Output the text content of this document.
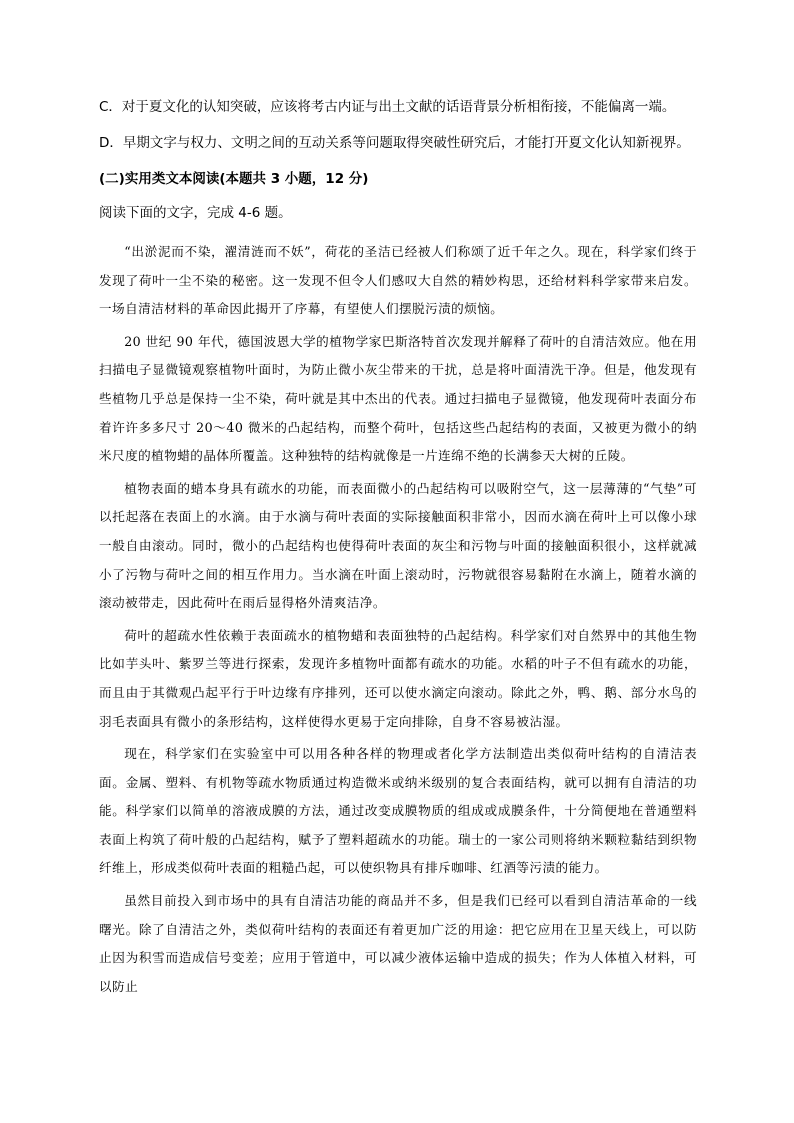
C．对于夏文化的认知突破，应该将考古内证与出土文献的话语背景分析相衔接，不能偏离一端。
D．早期文字与权力、文明之间的互动关系等问题取得突破性研究后，才能打开夏文化认知新视界。
(二)实用类文本阅读(本题共 3 小题，12 分)
阅读下面的文字，完成 4-6 题。

“出淤泥而不染，濯清涟而不妖”，荷花的圣洁已经被人们称颂了近千年之久。现在，科学家们终于发现了荷叶一尘不染的秘密。这一发现不但令人们感叹大自然的精妙构思，还给材料科学家带来启发。一场自清洁材料的革命因此揭开了序幕，有望使人们摆脱污渍的烦恼。

20 世纪 90 年代，德国波恩大学的植物学家巴斯洛特首次发现并解释了荷叶的自清洁效应。他在用扫描电子显微镜观察植物叶面时，为防止微小灰尘带来的干扰，总是将叶面清洗干净。但是，他发现有些植物几乎总是保持一尘不染，荷叶就是其中杰出的代表。通过扫描电子显微镜，他发现荷叶表面分布着许许多多尺寸 20～40 微米的凸起结构，而整个荷叶，包括这些凸起结构的表面，又被更为微小的纳米尺度的植物蜡的晶体所覆盖。这种独特的结构就像是一片连绵不绝的长满参天大树的丘陵。

植物表面的蜡本身具有疏水的功能，而表面微小的凸起结构可以吸附空气，这一层薄薄的“气垫”可以托起落在表面上的水滴。由于水滴与荷叶表面的实际接触面积非常小，因而水滴在荷叶上可以像小球一般自由滚动。同时，微小的凸起结构也使得荷叶表面的灰尘和污物与叶面的接触面积很小，这样就减小了污物与荷叶之间的相互作用力。当水滴在叶面上滚动时，污物就很容易黏附在水滴上，随着水滴的滚动被带走，因此荷叶在雨后显得格外清爽洁净。

荷叶的超疏水性依赖于表面疏水的植物蜡和表面独特的凸起结构。科学家们对自然界中的其他生物比如芋头叶、紫罗兰等进行探索，发现许多植物叶面都有疏水的功能。水稻的叶子不但有疏水的功能，而且由于其微观凸起平行于叶边缘有序排列，还可以使水滴定向滚动。除此之外，鸭、鹅、部分水鸟的羽毛表面具有微小的条形结构，这样使得水更易于定向排除，自身不容易被沾湿。

现在，科学家们在实验室中可以用各种各样的物理或者化学方法制造出类似荷叶结构的自清洁表面。金属、塑料、有机物等疏水物质通过构造微米或纳米级别的复合表面结构，就可以拥有自清洁的功能。科学家们以简单的溶液成膜的方法，通过改变成膜物质的组成或成膜条件，十分简便地在普通塑料表面上构筑了荷叶般的凸起结构，赋予了塑料超疏水的功能。瑞士的一家公司则将纳米颗粒黏结到织物纤维上，形成类似荷叶表面的粗糙凸起，可以使织物具有排斥咖啡、红酒等污渍的能力。

虽然目前投入到市场中的具有自清洁功能的商品并不多，但是我们已经可以看到自清洁革命的一线曙光。除了自清洁之外，类似荷叶结构的表面还有着更加广泛的用途：把它应用在卫星天线上，可以防止因为积雪而造成信号变差；应用于管道中，可以减少液体运输中造成的损失；作为人体植入材料，可以防止
